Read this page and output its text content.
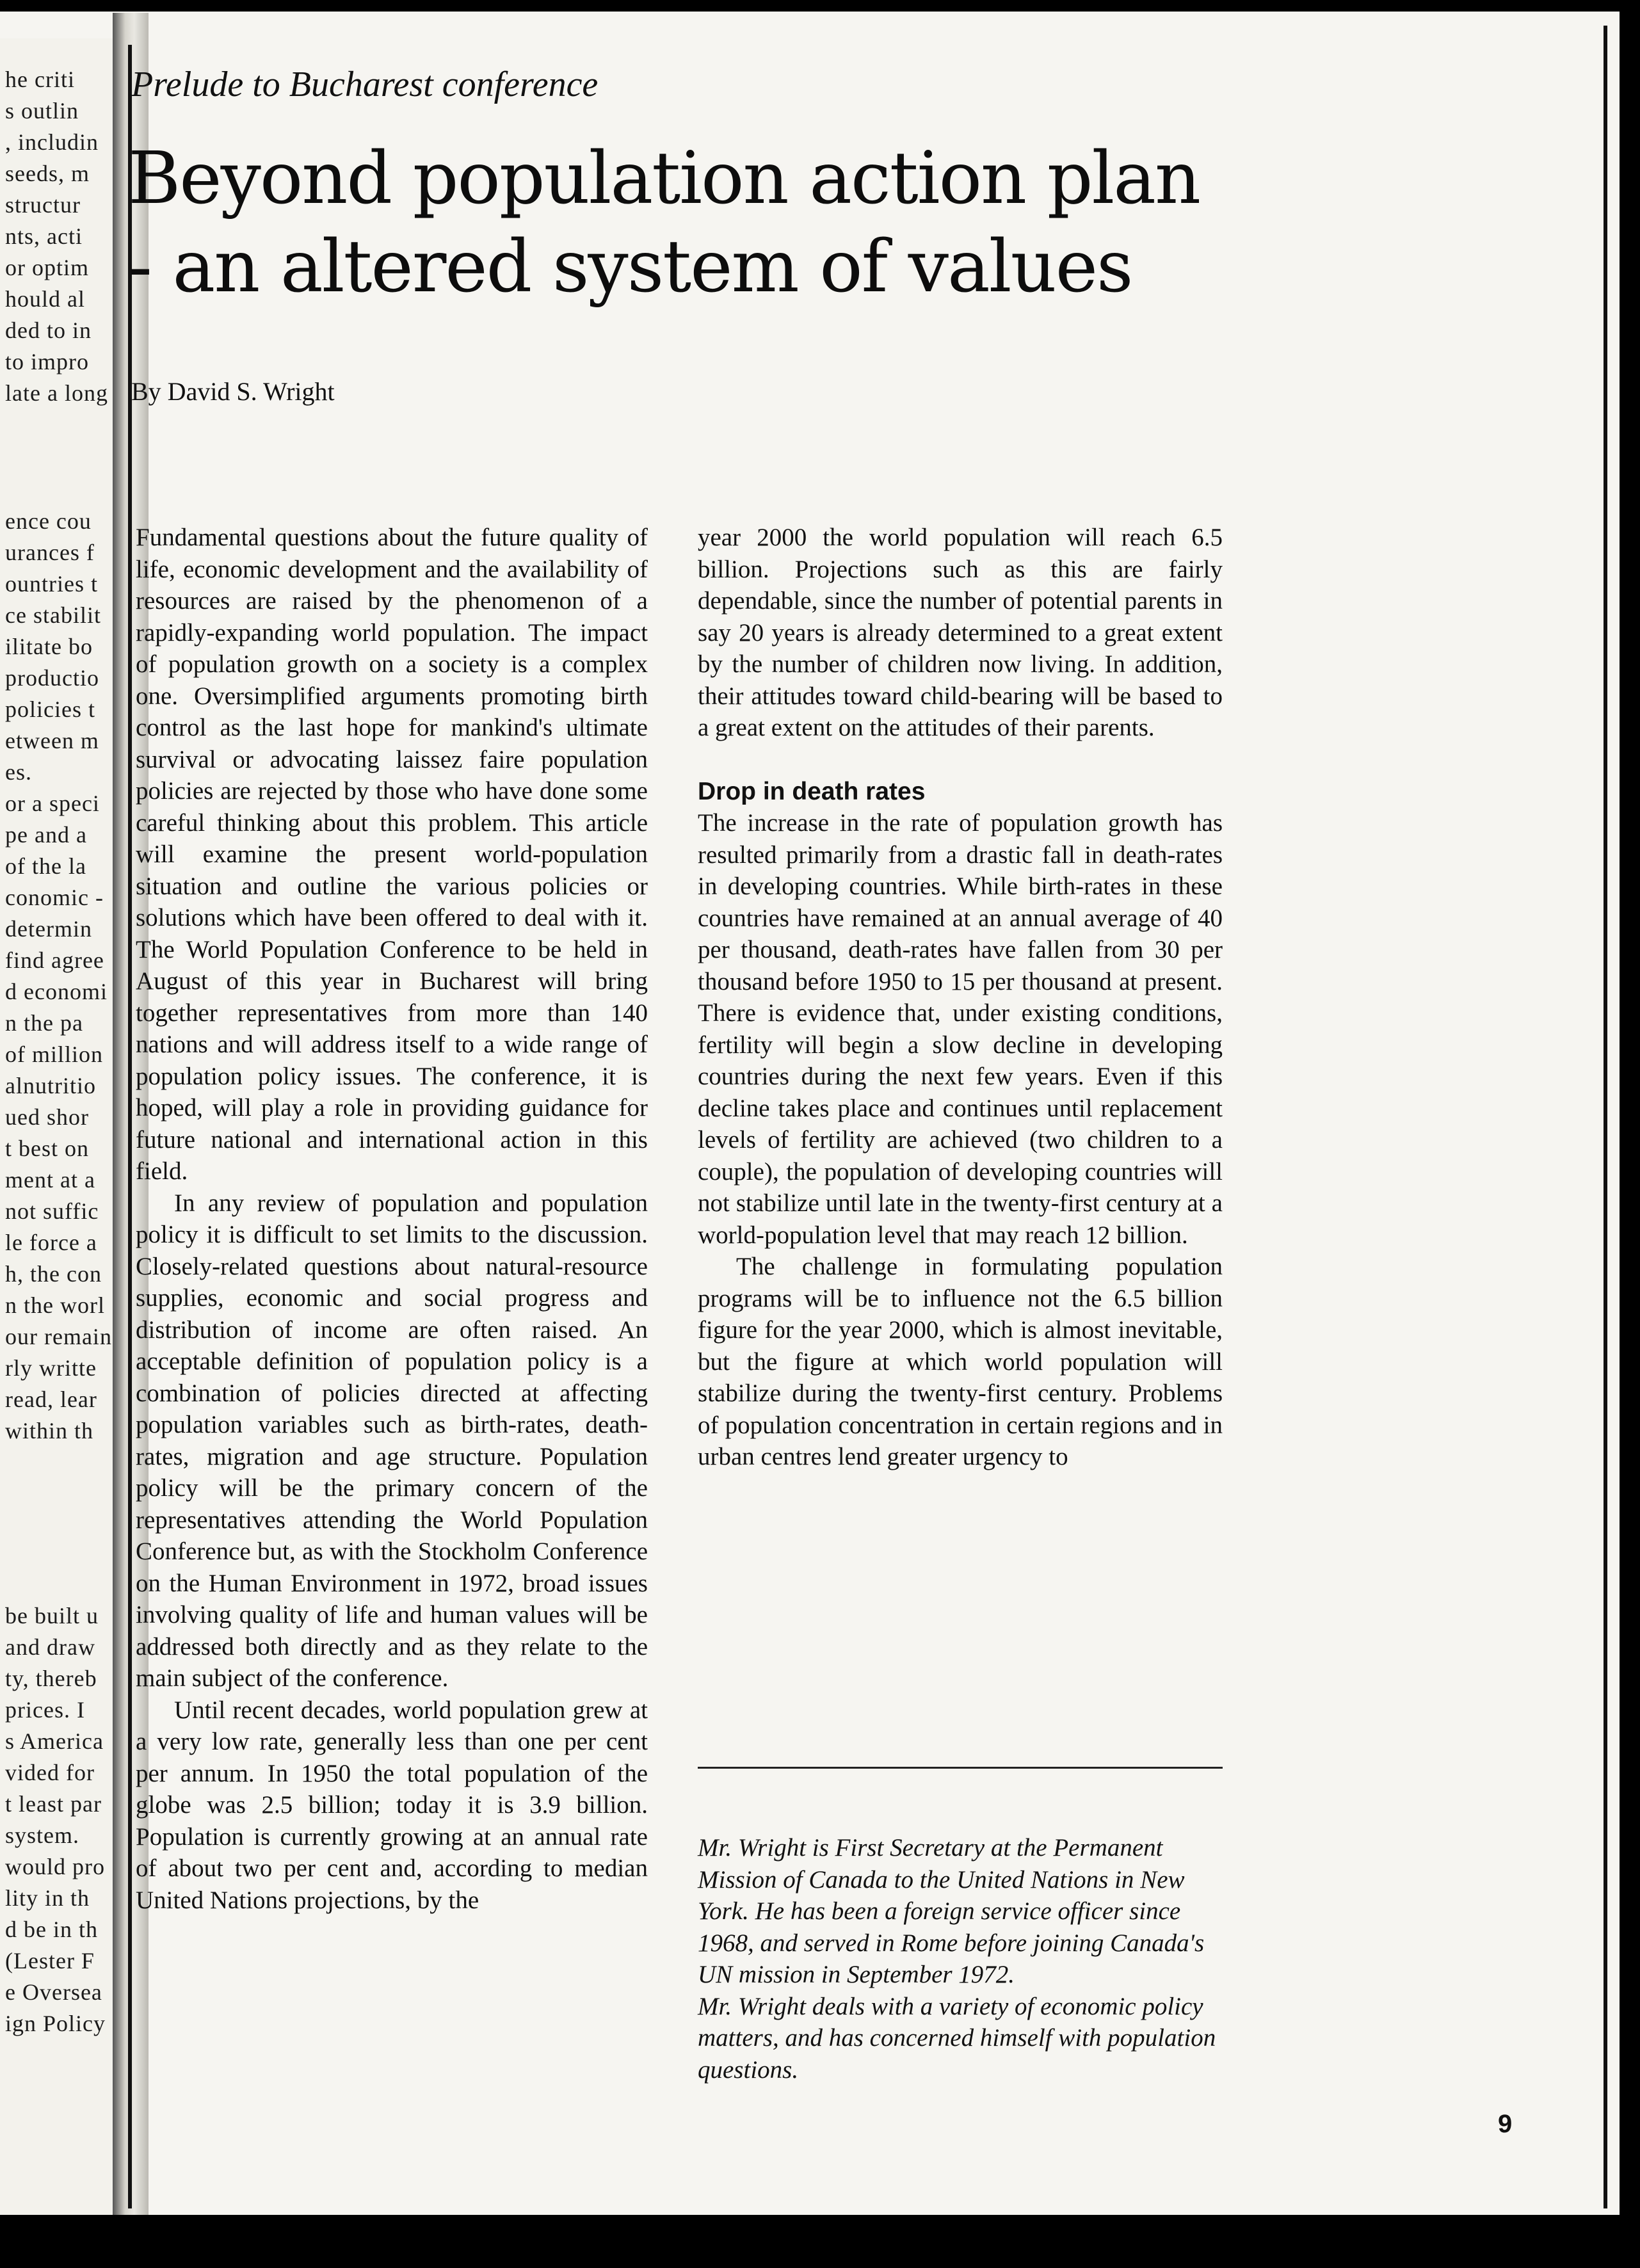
he criti
s outlin
, includin
seeds, m
structur
nts, acti
or optim
hould al
ded to in
to impro
late a long
ence cou
urances f
ountries t
ce stabilit
ilitate bo
productio
policies t
etween m
es.
or a speci
pe and a
of the la
conomic -
determin
find agree
d economi
n the pa
of million
alnutritio
ued shor
t best on
ment at a
not suffic
le force a
h, the con
n the worl
our remain
rly writte
read, lear
within th
be built u
and draw
ty, thereb
prices. I
s America
vided for
t least par
system.
would pro
lity in th
d be in th
(Lester F
e Oversea
ign Policy
Prelude to Bucharest conference
Beyond population action plan
- an altered system of values
By David S. Wright

Fundamental questions about the future quality of life, economic development and the availability of resources are raised by the phenomenon of a rapidly-expanding world population. The impact of population growth on a society is a complex one. Oversimplified arguments promoting birth control as the last hope for mankind's ultimate survival or advocating laissez faire population policies are rejected by those who have done some careful thinking about this problem. This article will examine the present world-population situation and outline the various policies or solutions which have been offered to deal with it. The World Population Conference to be held in August of this year in Bucharest will bring together representatives from more than 140 nations and will address itself to a wide range of population policy issues. The conference, it is hoped, will play a role in providing guidance for future national and international action in this field.

In any review of population and population policy it is difficult to set limits to the discussion. Closely-related questions about natural-resource supplies, economic and social progress and distribution of income are often raised. An acceptable definition of population policy is a combination of policies directed at affecting population variables such as birth-rates, death-rates, migration and age structure. Population policy will be the primary concern of the representatives attending the World Population Conference but, as with the Stockholm Conference on the Human Environment in 1972, broad issues involving quality of life and human values will be addressed both directly and as they relate to the main subject of the conference.

Until recent decades, world population grew at a very low rate, generally less than one per cent per annum. In 1950 the total population of the globe was 2.5 billion; today it is 3.9 billion. Population is currently growing at an annual rate of about two per cent and, according to median United Nations projections, by the

year 2000 the world population will reach 6.5 billion. Projections such as this are fairly dependable, since the number of potential parents in say 20 years is already determined to a great extent by the number of children now living. In addition, their attitudes toward child-bearing will be based to a great extent on the attitudes of their parents.

Drop in death rates

The increase in the rate of population growth has resulted primarily from a drastic fall in death-rates in developing countries. While birth-rates in these countries have remained at an annual average of 40 per thousand, death-rates have fallen from 30 per thousand before 1950 to 15 per thousand at present. There is evidence that, under existing conditions, fertility will begin a slow decline in developing countries during the next few years. Even if this decline takes place and continues until replacement levels of fertility are achieved (two children to a couple), the population of developing countries will not stabilize until late in the twenty-first century at a world-population level that may reach 12 billion.

The challenge in formulating population programs will be to influence not the 6.5 billion figure for the year 2000, which is almost inevitable, but the figure at which world population will stabilize during the twenty-first century. Problems of population concentration in certain regions and in urban centres lend greater urgency to

Mr. Wright is First Secretary at the Permanent Mission of Canada to the United Nations in New York. He has been a foreign service officer since 1968, and served in Rome before joining Canada's UN mission in September 1972.

Mr. Wright deals with a variety of economic policy matters, and has concerned himself with population questions.

9
